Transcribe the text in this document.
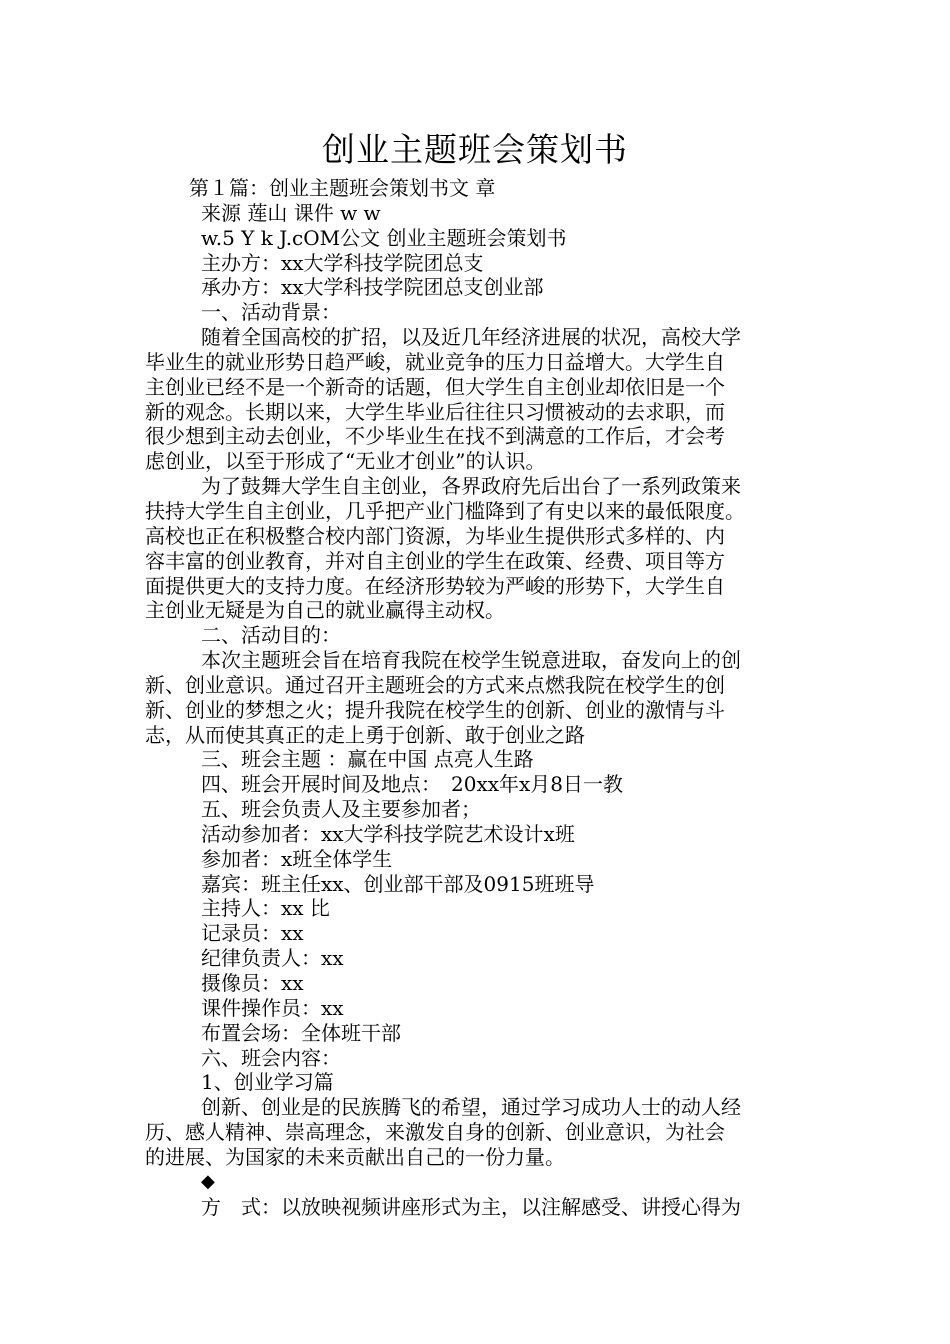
创业主题班会策划书
第１篇：创业主题班会策划书文 章
来源 莲山 课件 w w
w.5 Y k J.cOM公文 创业主题班会策划书
主办方：xx大学科技学院团总支
承办方：xx大学科技学院团总支创业部
一、活动背景：
随着全国高校的扩招，以及近几年经济进展的状况，高校大学
毕业生的就业形势日趋严峻，就业竞争的压力日益增大。大学生自
主创业已经不是一个新奇的话题，但大学生自主创业却依旧是一个
新的观念。长期以来，大学生毕业后往往只习惯被动的去求职，而
很少想到主动去创业，不少毕业生在找不到满意的工作后，才会考
虑创业，以至于形成了“无业才创业”的认识。
为了鼓舞大学生自主创业，各界政府先后出台了一系列政策来
扶持大学生自主创业，几乎把产业门槛降到了有史以来的最低限度。
高校也正在积极整合校内部门资源，为毕业生提供形式多样的、内
容丰富的创业教育，并对自主创业的学生在政策、经费、项目等方
面提供更大的支持力度。在经济形势较为严峻的形势下，大学生自
主创业无疑是为自己的就业赢得主动权。
二、活动目的：
本次主题班会旨在培育我院在校学生锐意进取，奋发向上的创
新、创业意识。通过召开主题班会的方式来点燃我院在校学生的创
新、创业的梦想之火；提升我院在校学生的创新、创业的激情与斗
志，从而使其真正的走上勇于创新、敢于创业之路
三、班会主题 ：赢在中国 点亮人生路
四、班会开展时间及地点：　20xx年x月8日一教
五、班会负责人及主要参加者；
活动参加者：xx大学科技学院艺术设计x班
参加者：x班全体学生
嘉宾：班主任xx、创业部干部及0915班班导
主持人：xx 比
记录员：xx
纪律负责人：xx
摄像员：xx
课件操作员：xx
布置会场：全体班干部
六、班会内容：
1、创业学习篇
创新、创业是的民族腾飞的希望，通过学习成功人士的动人经
历、感人精神、崇高理念，来激发自身的创新、创业意识，为社会
的进展、为国家的未来贡献出自己的一份力量。
◆
方　式：以放映视频讲座形式为主，以注解感受、讲授心得为
